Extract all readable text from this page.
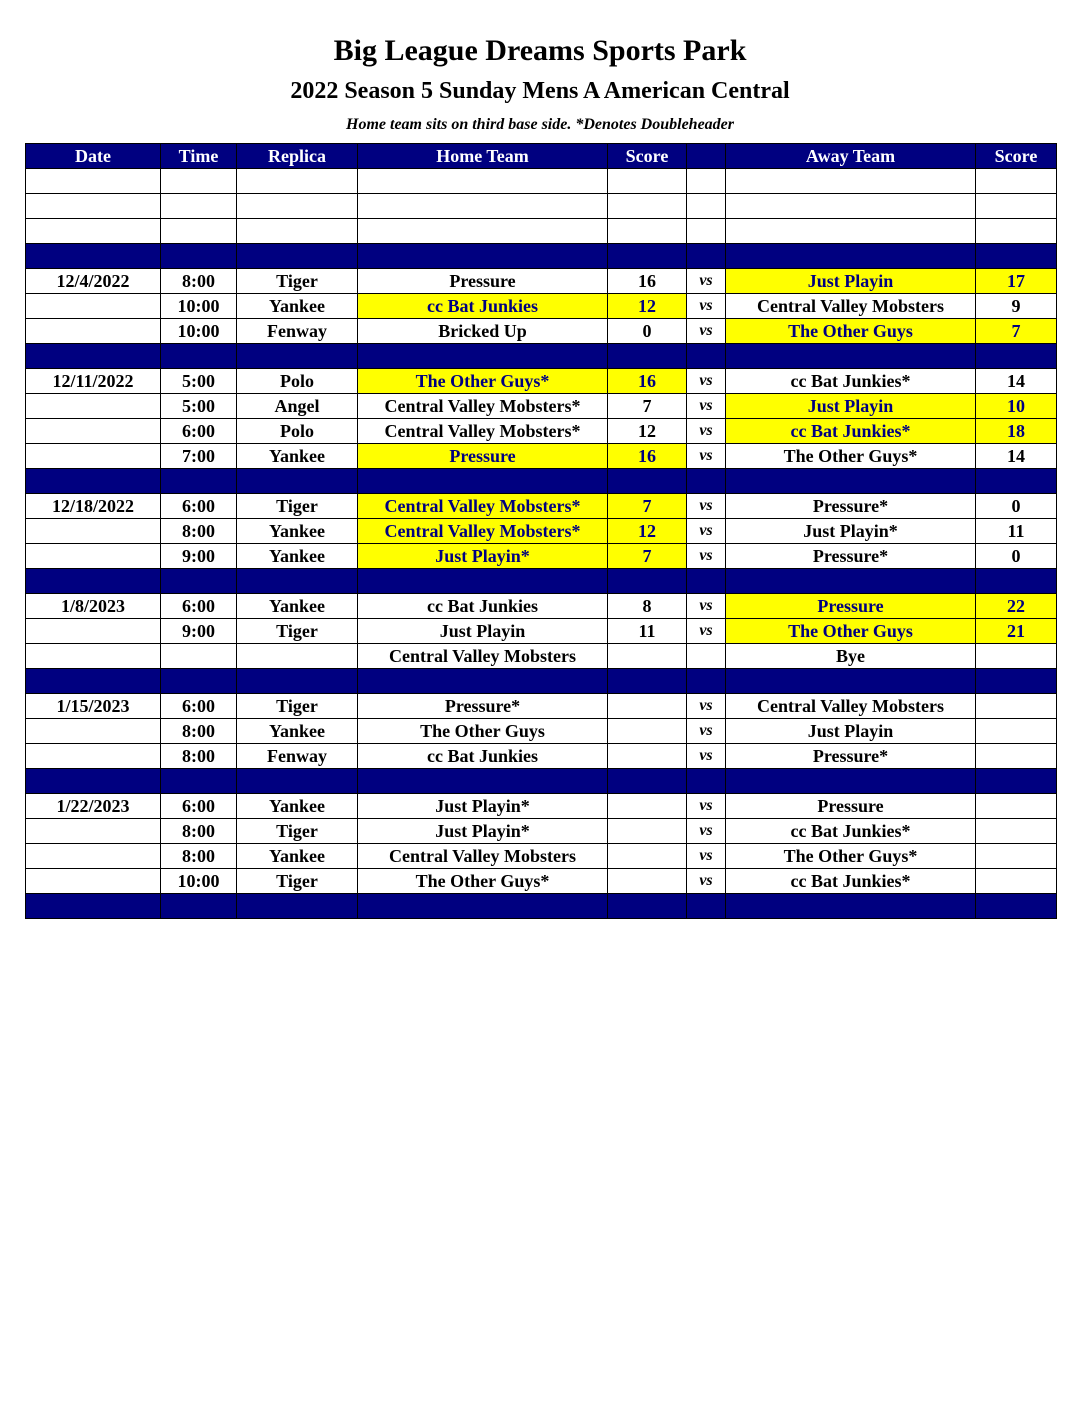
Big League Dreams Sports Park
2022 Season 5 Sunday Mens A American Central
Home team sits on third base side. *Denotes Doubleheader
Date	Time	Replica	Home Team	Score		Away Team	Score

12/4/2022	8:00	Tiger	Pressure	16	vs	Just Playin	17
	10:00	Yankee	cc Bat Junkies	12	vs	Central Valley Mobsters	9
	10:00	Fenway	Bricked Up	0	vs	The Other Guys	7

12/11/2022	5:00	Polo	The Other Guys*	16	vs	cc Bat Junkies*	14
	5:00	Angel	Central Valley Mobsters*	7	vs	Just Playin	10
	6:00	Polo	Central Valley Mobsters*	12	vs	cc Bat Junkies*	18
	7:00	Yankee	Pressure	16	vs	The Other Guys*	14

12/18/2022	6:00	Tiger	Central Valley Mobsters*	7	vs	Pressure*	0
	8:00	Yankee	Central Valley Mobsters*	12	vs	Just Playin*	11
	9:00	Yankee	Just Playin*	7	vs	Pressure*	0

1/8/2023	6:00	Yankee	cc Bat Junkies	8	vs	Pressure	22
	9:00	Tiger	Just Playin	11	vs	The Other Guys	21
			Central Valley Mobsters			Bye	

1/15/2023	6:00	Tiger	Pressure*		vs	Central Valley Mobsters	
	8:00	Yankee	The Other Guys		vs	Just Playin	
	8:00	Fenway	cc Bat Junkies		vs	Pressure*	

1/22/2023	6:00	Yankee	Just Playin*		vs	Pressure	
	8:00	Tiger	Just Playin*		vs	cc Bat Junkies*	
	8:00	Yankee	Central Valley Mobsters		vs	The Other Guys*	
	10:00	Tiger	The Other Guys*		vs	cc Bat Junkies*	
